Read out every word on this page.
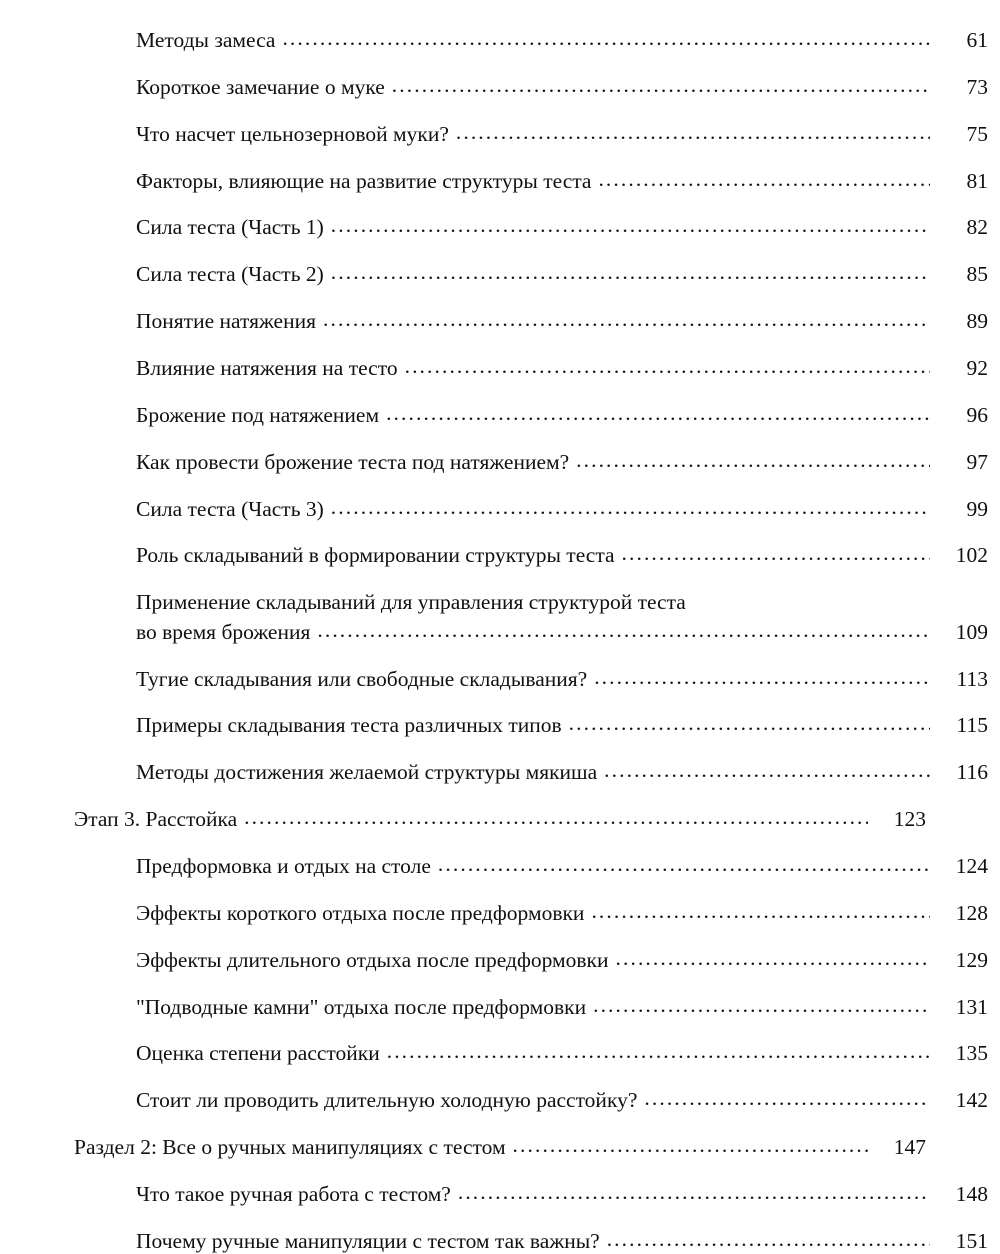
Методы замеса .....	61
Короткое замечание о муке .....	73
Что насчет цельнозерновой муки? .....	75
Факторы, влияющие на развитие структуры теста .....	81
Сила теста (Часть 1) .....	82
Сила теста (Часть 2) .....	85
Понятие натяжения .....	89
Влияние натяжения на тесто .....	92
Брожение под натяжением .....	96
Как провести брожение теста под натяжением? .....	97
Сила теста (Часть 3) .....	99
Роль складываний в формировании структуры теста .....	102
Применение складываний для управления структурой теста
во время брожения .....	109
Тугие складывания или свободные складывания? .....	113
Примеры складывания теста различных типов .....	115
Методы достижения желаемой структуры мякиша .....	116
Этап 3. Расстойка .....	123
Предформовка и отдых на столе .....	124
Эффекты короткого отдыха после предформовки .....	128
Эффекты длительного отдыха после предформовки .....	129
"Подводные камни" отдыха после предформовки .....	131
Оценка степени расстойки .....	135
Стоит ли проводить длительную холодную расстойку? .....	142
Раздел 2: Все о ручных манипуляциях с тестом .....	147
Что такое ручная работа с тестом? .....	148
Почему ручные манипуляции с тестом так важны? .....	151
